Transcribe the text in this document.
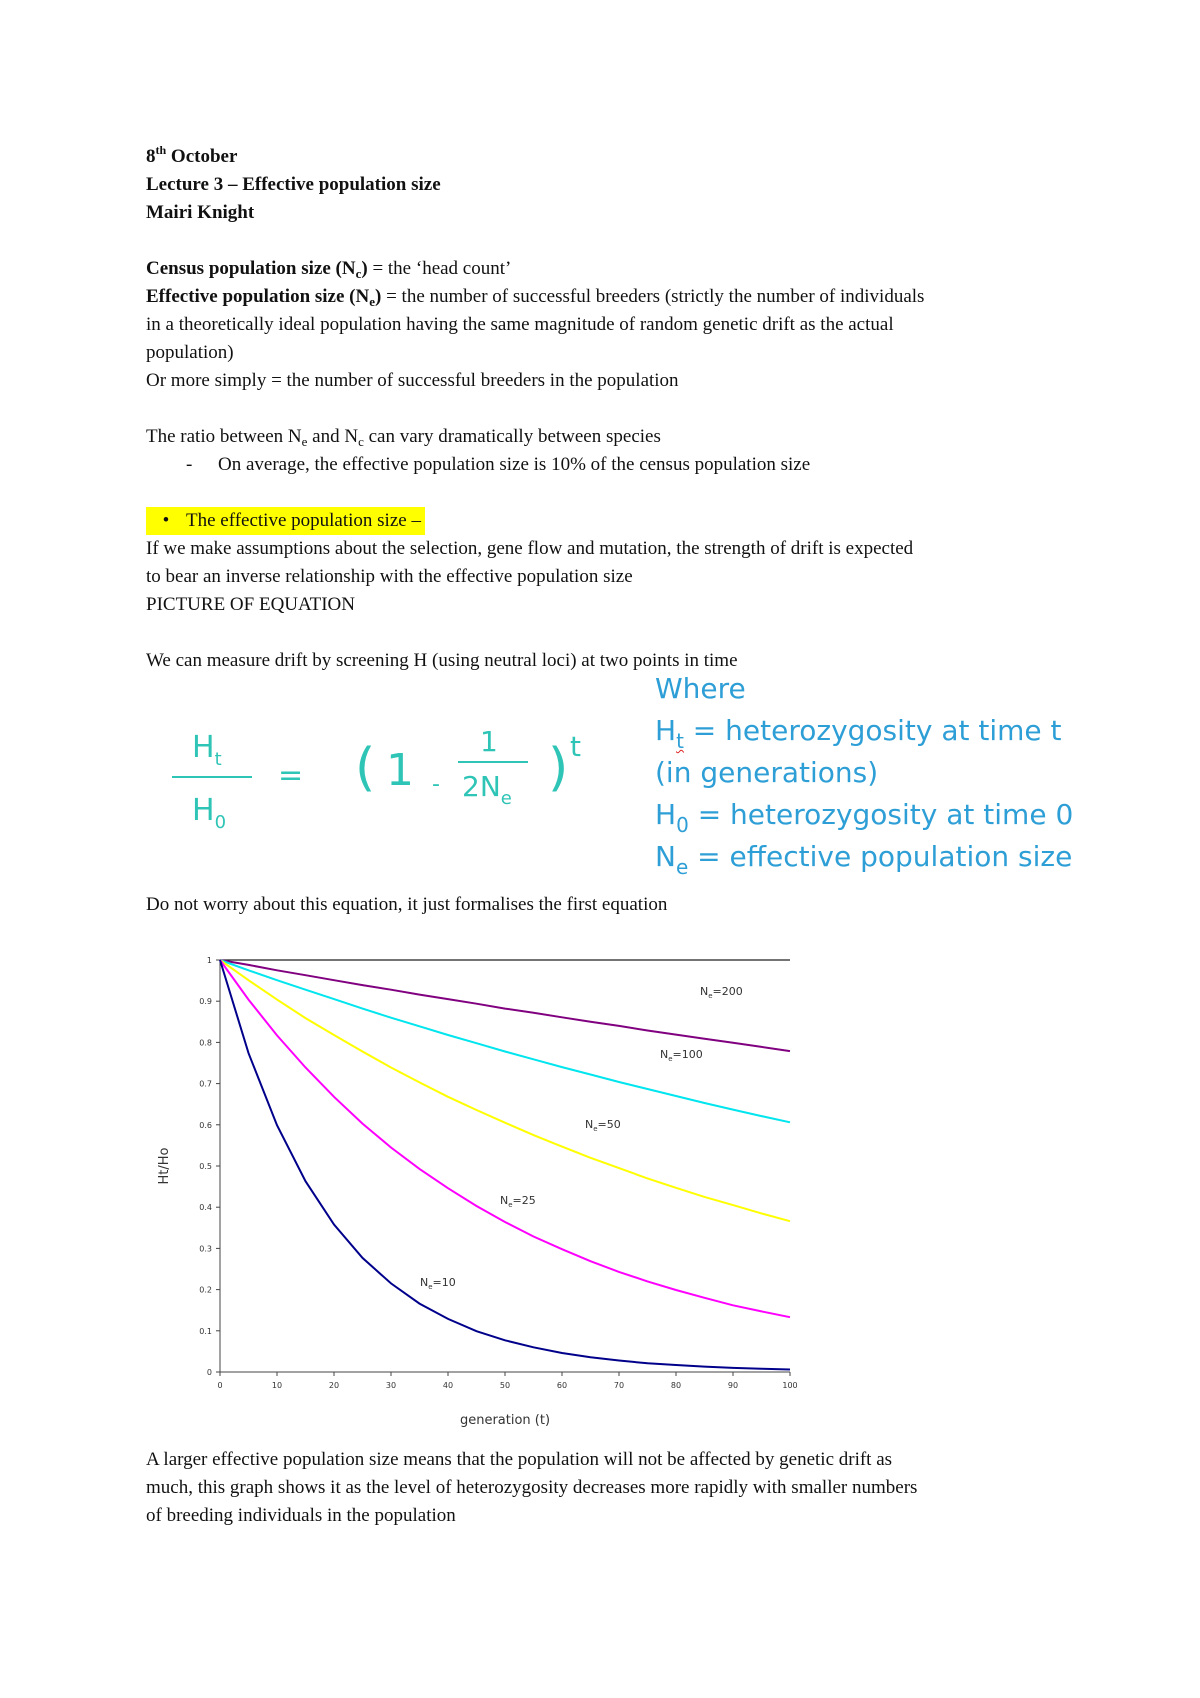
8th October
Lecture 3 – Effective population size
Mairi Knight
Census population size $(N_c)$ = the ‘head count’
Effective population size $(N_e)$ = the number of successful breeders (strictly the number of individuals
in a theoretically ideal population having the same magnitude of random genetic drift as the actual
population)
Or more simply = the number of successful breeders in the population
The ratio between $N_e$ and $N_c$ can vary dramatically between species
- On average, the effective population size is 10% of the census population size
• The effective population size –
If we make assumptions about the selection, gene flow and mutation, the strength of drift is expected
to bear an inverse relationship with the effective population size
PICTURE OF EQUATION
We can measure drift by screening H (using neutral loci) at two points in time
$H_t$
$H_0$
= ( 1 -
1
$2N_e$
) t
Where
$H_t$ = heterozygosity at time t
(in generations)
$H_0$ = heterozygosity at time 0
$N_e$ = effective population size
Do not worry about this equation, it just formalises the first equation
0
0.1
0.2
0.3
0.4
0.5
0.6
0.7
0.8
0.9
1
0	10	20	30	40	50	60	70	80	90	100
generation (t)
Ht/Ho
$N_e=200$
$N_e=100$
$N_e=50$
$N_e=25$
$N_e=10$
A larger effective population size means that the population will not be affected by genetic drift as
much, this graph shows it as the level of heterozygosity decreases more rapidly with smaller numbers
of breeding individuals in the population
